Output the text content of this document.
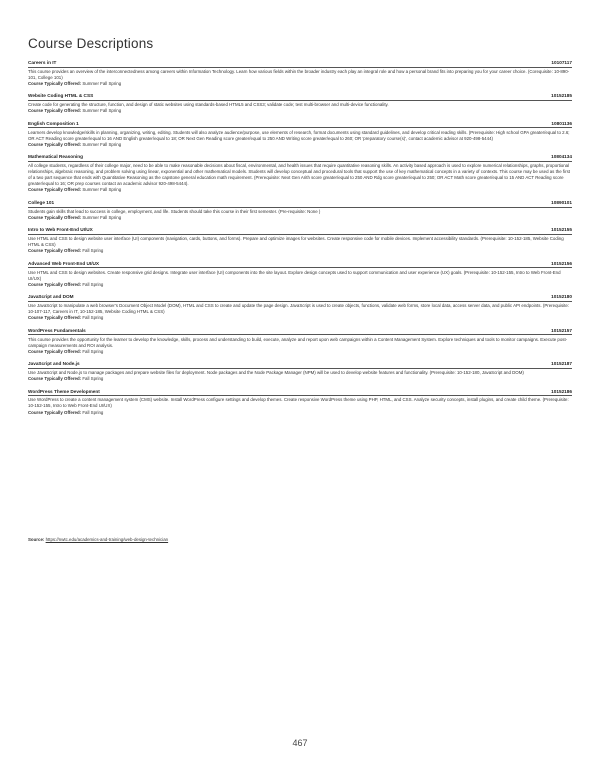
Course Descriptions
Careers in IT	10107117

This course provides an overview of the interconnectedness among careers within Information Technology. Learn how various fields within the broader industry each play an integral role and how a personal brand fits into preparing you for your career choice. (Corequisite: 10-890-101, College 101)

Course Typically Offered: Summer Fall Spring
Website Coding HTML & CSS	10152185

Create code for generating the structure, function, and design of static websites using standards-based HTML5 and CSS3; validate code; test multi-browser and multi-device functionality.

Course Typically Offered: Summer Fall Spring
English Composition 1	10801136

Learners develop knowledge/skills in planning, organizing, writing, editing. Students will also analyze audience/purpose, use elements of research, format documents using standard guidelines, and develop critical reading skills. (Prerequisite: High school GPA greater/equal to 2.6; OR ACT Reading score greater/equal to 16 AND English greater/equal to 18; OR Next Gen Reading score greater/equal to 250 AND Writing score greater/equal to 260; OR 'preparatory course(s)', contact academic advisor at 920-498-5444)

Course Typically Offered: Summer Fall Spring
Mathematical Reasoning	10804134

All college students, regardless of their college major, need to be able to make reasonable decisions about fiscal, environmental, and health issues that require quantitative reasoning skills. An activity based approach is used to explore numerical relationships, graphs, proportional relationships, algebraic reasoning, and problem solving using linear, exponential and other mathematical models. Students will develop conceptual and procedural tools that support the use of key mathematical concepts in a variety of contexts. This course may be used as the first of a two part sequence that ends with Quantitative Reasoning as the capstone general education math requirement. (Prerequisite: Next Gen Arith score greater/equal to 250 AND Rdg score greater/equal to 250; OR ACT Math score greater/equal to 15 AND ACT Reading score greater/equal to 16; OR prep courses contact an academic advisor 920-498-5444).

Course Typically Offered: Summer Fall Spring
College 101	10890101

Students gain skills that lead to success in college, employment, and life. Students should take this course in their first semester. (Pre-requisite: None )

Course Typically Offered: Summer Fall Spring
Intro to Web Front-End UI/UX	10152155

Use HTML and CSS to design website user interface (UI) components (navigation, cards, buttons, and forms). Prepare and optimize images for websites. Create responsive code for mobile devices. Implement accessibility standards. (Prerequisite: 10-152-185, Website Coding HTML & CSS)

Course Typically Offered: Fall Spring
Advanced Web Front-End UI/UX	10152156

Use HTML and CSS to design websites. Create responsive grid designs. Integrate user interface (UI) components into the site layout. Explore design concepts used to support communication and user experience (UX) goals. (Prerequisite: 10-152-155, Intro to Web Front-End UI/UX)

Course Typically Offered: Fall Spring
JavaScript and DOM	10152180

Use JavaScript to manipulate a web browser's Document Object Model (DOM), HTML and CSS to create and update the page design. JavaScript is used to create objects, functions, validate web forms, store local data, access server data, and public API endpoints. (Prerequisite: 10-107-117, Careers in IT, 10-152-185, Website Coding HTML & CSS)

Course Typically Offered: Fall Spring
WordPress Fundamentals	10152157

This course provides the opportunity for the learner to develop the knowledge, skills, process and understanding to build, execute, analyze and report upon web campaigns within a Content Management System. Explore techniques and tools to monitor campaigns. Execute post-campaign measurements and ROI analysis.

Course Typically Offered: Fall Spring
JavaScript and Node.js	10152187

Use JavaScript and Node.js to manage packages and prepare website files for deployment. Node packages and the Node Package Manager (NPM) will be used to develop website features and functionality. (Prerequisite: 10-152-180, JavaScript and DOM)

Course Typically Offered: Fall Spring
WordPress Theme Development	10152186

Use WordPress to create a content management system (CMS) website. Install WordPress configure settings and develop themes. Create responsive WordPress theme using PHP, HTML, and CSS. Analyze security concepts, install plugins, and create child theme. (Prerequisite: 10-152-155, Intro to Web Front-End UI/UX)

Course Typically Offered: Fall Spring
Source: https://nwtc.edu/academics-and-training/web-design-technician
467
